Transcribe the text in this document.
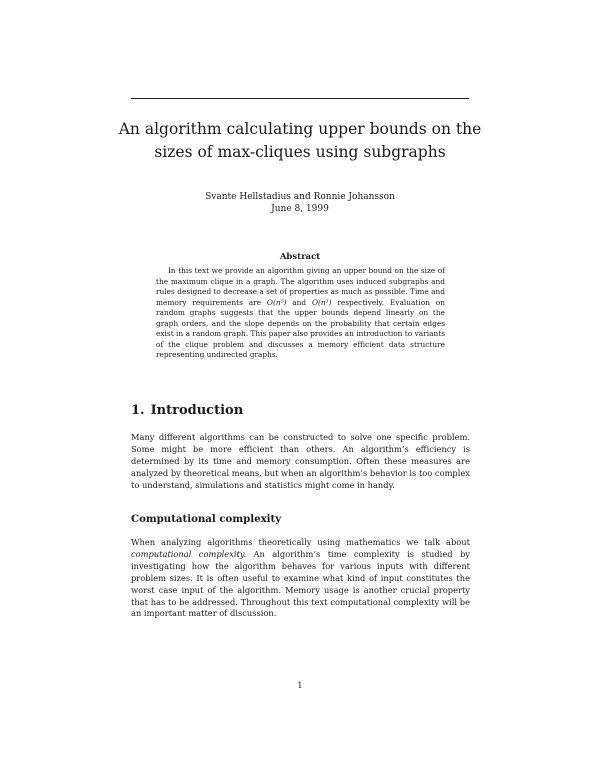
An algorithm calculating upper bounds on the
sizes of max-cliques using subgraphs
Svante Hellstadius and Ronnie Johansson
June 8, 1999
Abstract

In this text we provide an algorithm giving an upper bound on the size of the maximum clique in a graph. The algorithm uses induced subgraphs and rules designed to decrease a set of properties as much as possible. Time and memory requirements are O(n⁵) and O(n³) respectively. Evaluation on random graphs suggests that the upper bounds depend linearly on the graph orders, and the slope depends on the probability that certain edges exist in a random graph. This paper also provides an introduction to variants of the clique problem and discusses a memory efficient data structure representing undirected graphs.

1. Introduction

Many different algorithms can be constructed to solve one specific problem. Some might be more efficient than others. An algorithm’s efficiency is determined by its time and memory consumption. Often these measures are analyzed by theoretical means, but when an algorithm’s behavior is too complex to understand, simulations and statistics might come in handy.

Computational complexity

When analyzing algorithms theoretically using mathematics we talk about computational complexity. An algorithm’s time complexity is studied by investigating how the algorithm behaves for various inputs with different problem sizes. It is often useful to examine what kind of input constitutes the worst case input of the algorithm. Memory usage is another crucial property that has to be addressed. Throughout this text computational complexity will be an important matter of discussion.

1
